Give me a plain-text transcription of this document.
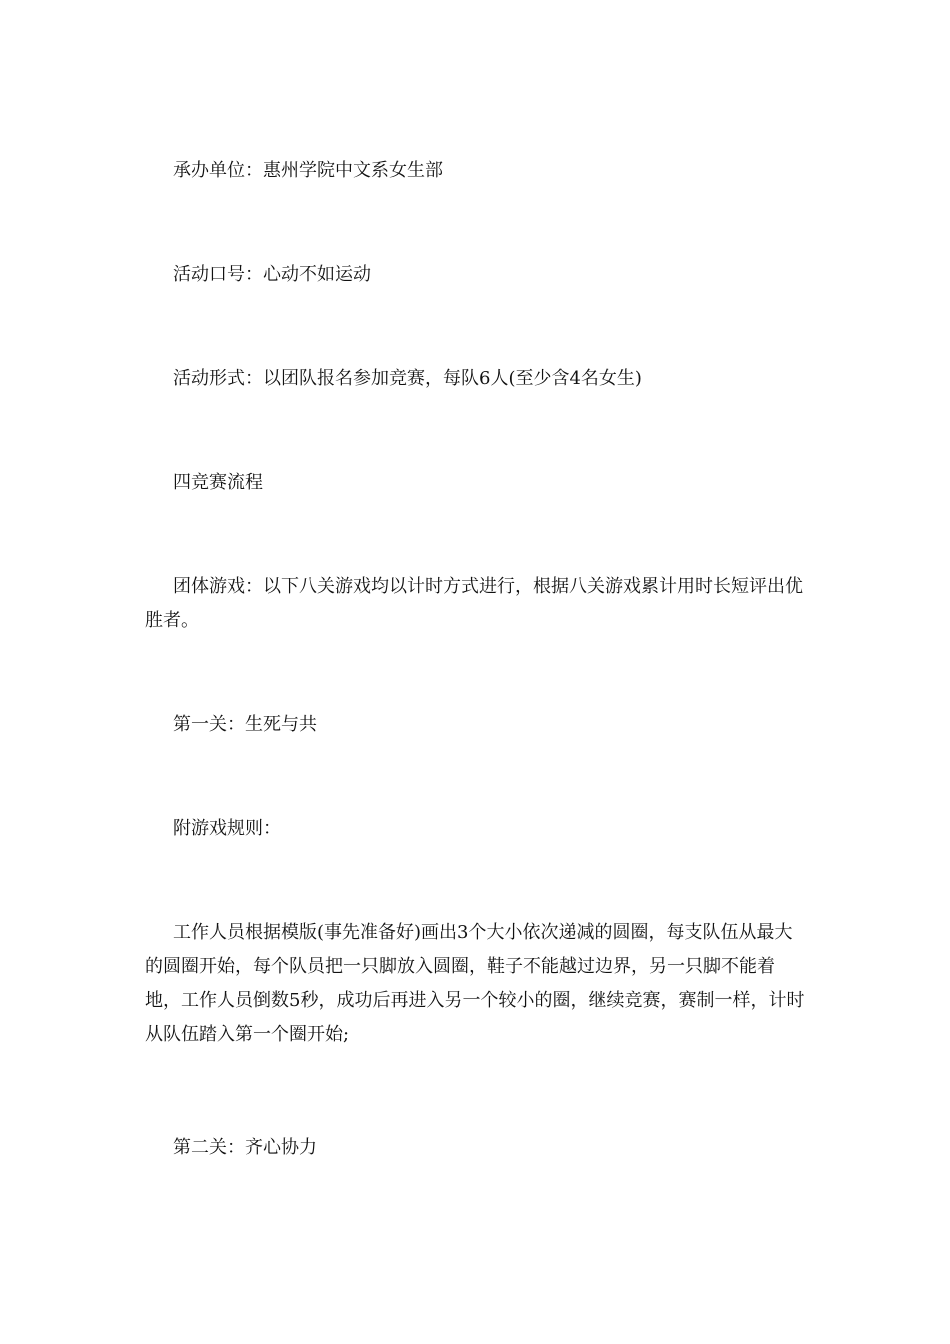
承办单位：惠州学院中文系女生部

活动口号：心动不如运动

活动形式：以团队报名参加竞赛，每队6人(至少含4名女生)

四竞赛流程

团体游戏：以下八关游戏均以计时方式进行，根据八关游戏累计用时长短评出优胜者。

第一关：生死与共

附游戏规则：

工作人员根据模版(事先准备好)画出3个大小依次递减的圆圈，每支队伍从最大的圆圈开始，每个队员把一只脚放入圆圈，鞋子不能越过边界，另一只脚不能着地，工作人员倒数5秒，成功后再进入另一个较小的圈，继续竞赛，赛制一样，计时从队伍踏入第一个圈开始;

第二关：齐心协力
